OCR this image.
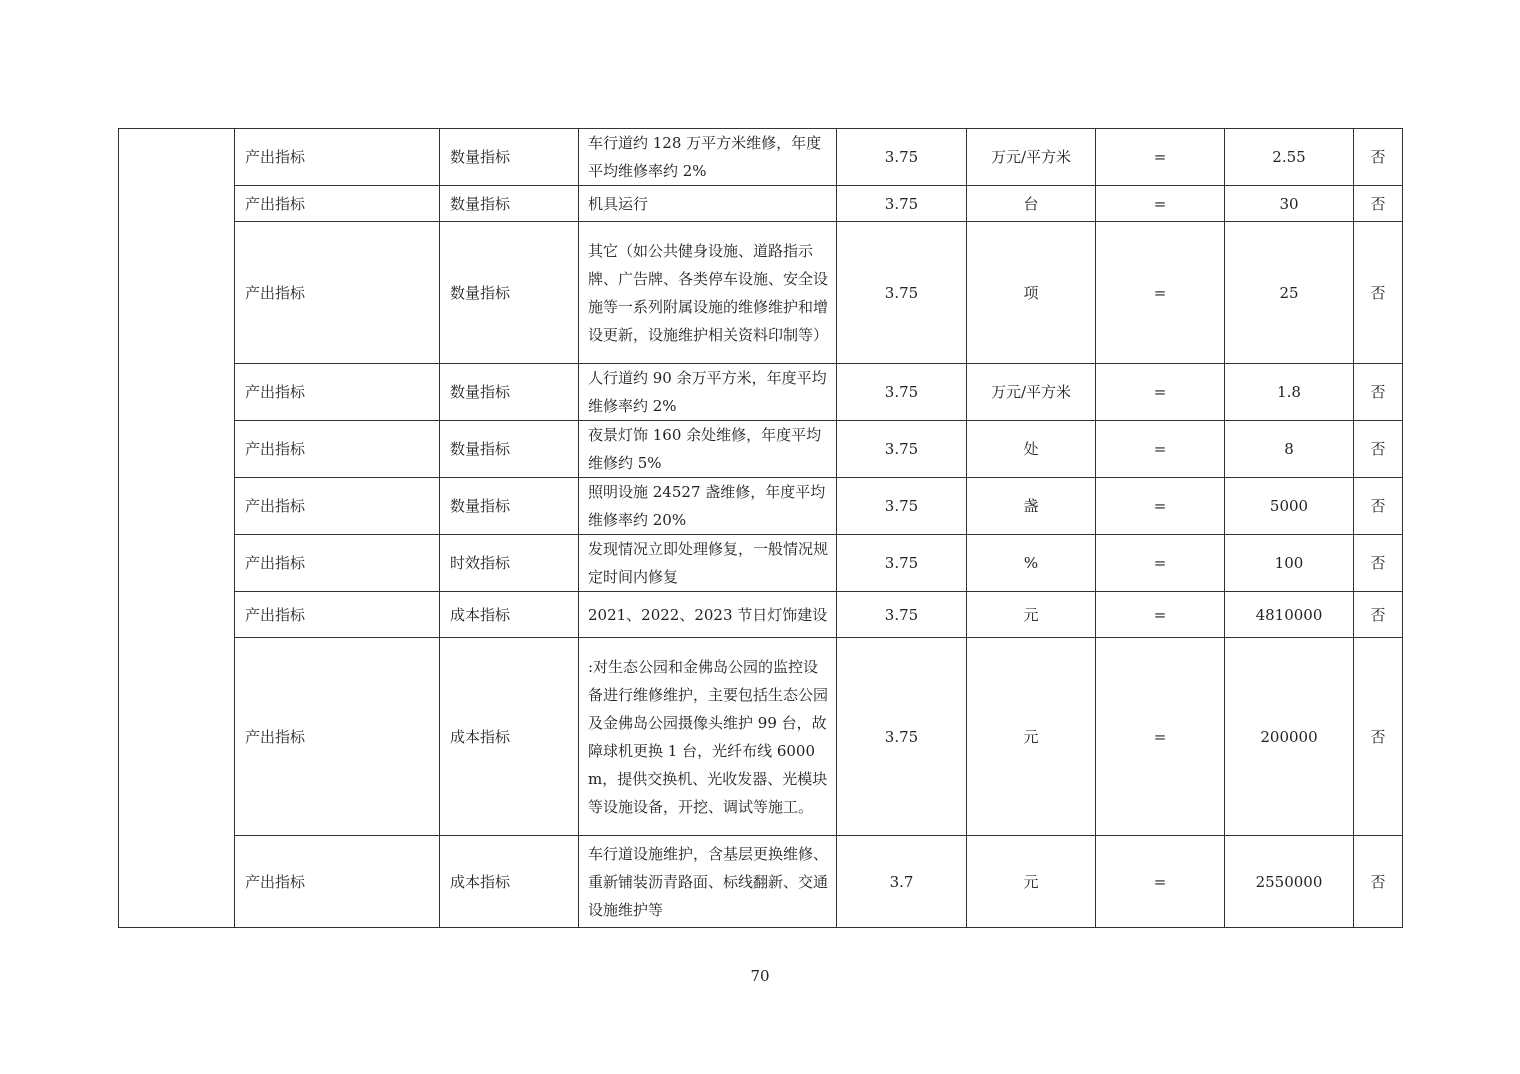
	产出指标	数量指标	车行道约 128 万平方米维修，年度平均维修率约 2%	3.75	万元/平方米	=	2.55	否
	产出指标	数量指标	机具运行	3.75	台	=	30	否
	产出指标	数量指标	其它（如公共健身设施、道路指示牌、广告牌、各类停车设施、安全设施等一系列附属设施的维修维护和增设更新，设施维护相关资料印制等）	3.75	项	=	25	否
	产出指标	数量指标	人行道约 90 余万平方米，年度平均维修率约 2%	3.75	万元/平方米	=	1.8	否
	产出指标	数量指标	夜景灯饰 160 余处维修，年度平均维修约 5%	3.75	处	=	8	否
	产出指标	数量指标	照明设施 24527 盏维修，年度平均维修率约 20%	3.75	盏	=	5000	否
	产出指标	时效指标	发现情况立即处理修复，一般情况规定时间内修复	3.75	%	=	100	否
	产出指标	成本指标	2021、2022、2023 节日灯饰建设	3.75	元	=	4810000	否
	产出指标	成本指标	:对生态公园和金佛岛公园的监控设备进行维修维护，主要包括生态公园及金佛岛公园摄像头维护 99 台，故障球机更换 1 台，光纤布线 6000m，提供交换机、光收发器、光模块等设施设备，开挖、调试等施工。	3.75	元	=	200000	否
	产出指标	成本指标	车行道设施维护，含基层更换维修、重新铺装沥青路面、标线翻新、交通设施维护等	3.7	元	=	2550000	否
70
